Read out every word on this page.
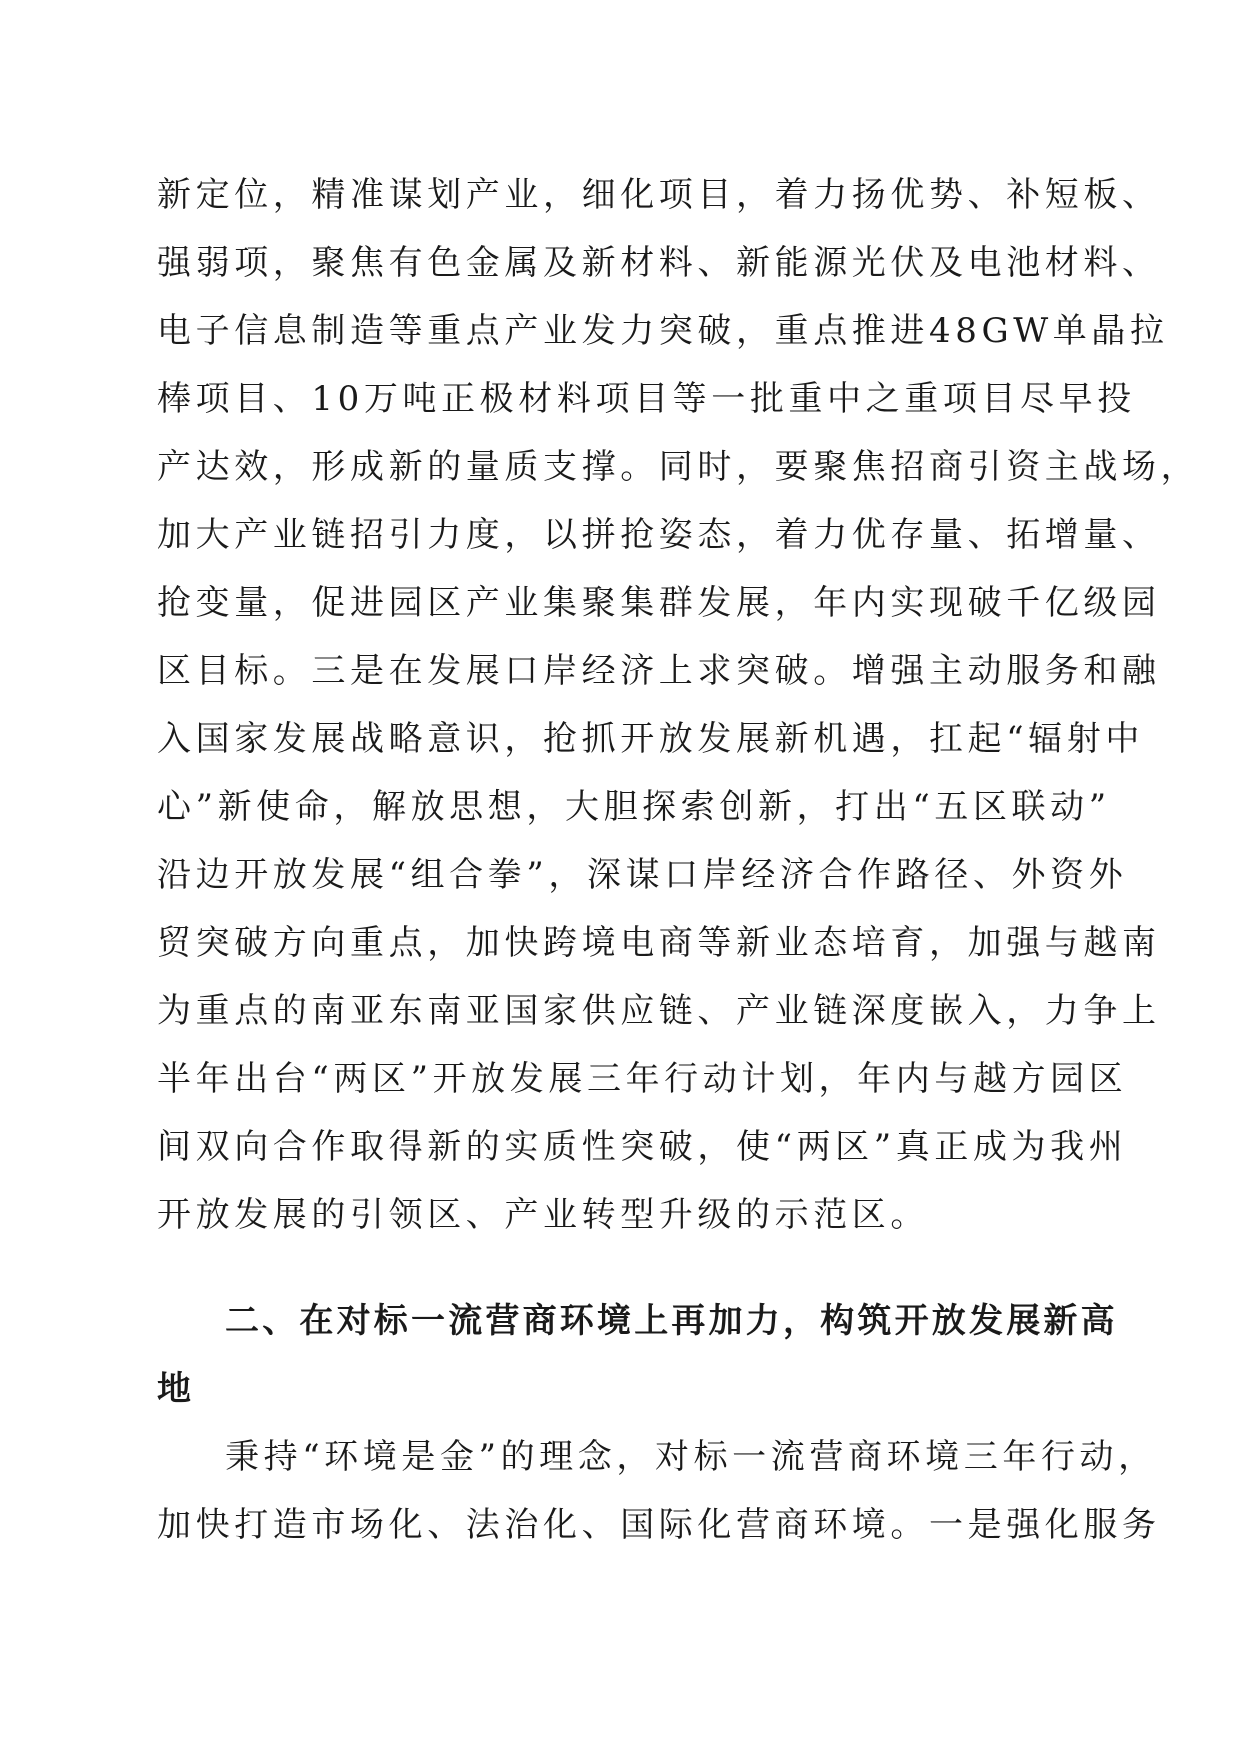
新定位，精准谋划产业，细化项目，着力扬优势、补短板、
强弱项，聚焦有色金属及新材料、新能源光伏及电池材料、
电子信息制造等重点产业发力突破，重点推进48GW单晶拉
棒项目、10万吨正极材料项目等一批重中之重项目尽早投
产达效，形成新的量质支撑。同时，要聚焦招商引资主战场，
加大产业链招引力度，以拼抢姿态，着力优存量、拓增量、
抢变量，促进园区产业集聚集群发展，年内实现破千亿级园
区目标。三是在发展口岸经济上求突破。增强主动服务和融
入国家发展战略意识，抢抓开放发展新机遇，扛起“辐射中
心”新使命，解放思想，大胆探索创新，打出“五区联动”
沿边开放发展“组合拳”，深谋口岸经济合作路径、外资外
贸突破方向重点，加快跨境电商等新业态培育，加强与越南
为重点的南亚东南亚国家供应链、产业链深度嵌入，力争上
半年出台“两区”开放发展三年行动计划，年内与越方园区
间双向合作取得新的实质性突破，使“两区”真正成为我州
开放发展的引领区、产业转型升级的示范区。
二、在对标一流营商环境上再加力，构筑开放发展新高
地
秉持“环境是金”的理念，对标一流营商环境三年行动，
加快打造市场化、法治化、国际化营商环境。一是强化服务
